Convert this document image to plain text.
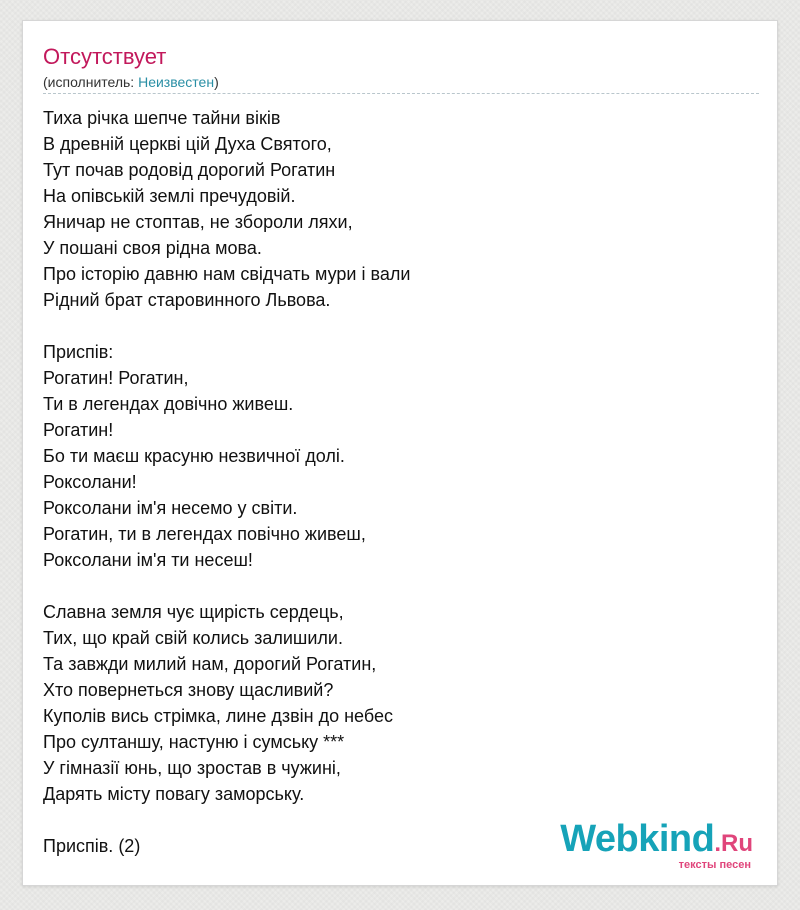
Отсутствует
(исполнитель: Неизвестен)
Тиха річка шепче тайни віків
В древній церкві цій Духа Святого,
Тут почав родовід дорогий Рогатин
На опівській землі пречудовій.
Яничар не стоптав, не збороли ляхи,
У пошані своя рідна мова.
Про історію давню нам свідчать мури і вали
Рідний брат старовинного Львова.
Приспів:
Рогатин! Рогатин,
Ти в легендах довічно живеш.
Рогатин!
Бо ти маєш красуню незвичної долі.
Роксолани!
Роксолани ім'я несемо у світи.
Рогатин, ти в легендах повічно живеш,
Роксолани ім'я ти несеш!
Славна земля чує щирість сердець,
Тих, що край свій колись залишили.
Та завжди милий нам, дорогий Рогатин,
Хто повернеться знову щасливий?
Куполів вись стрімка, лине дзвін до небес
Про султаншу, настуню і сумську ***
У гімназії юнь, що зростав в чужині,
Дарять місту повагу заморську.
Приспів. (2)	Webkind.Ru
тексты песен
